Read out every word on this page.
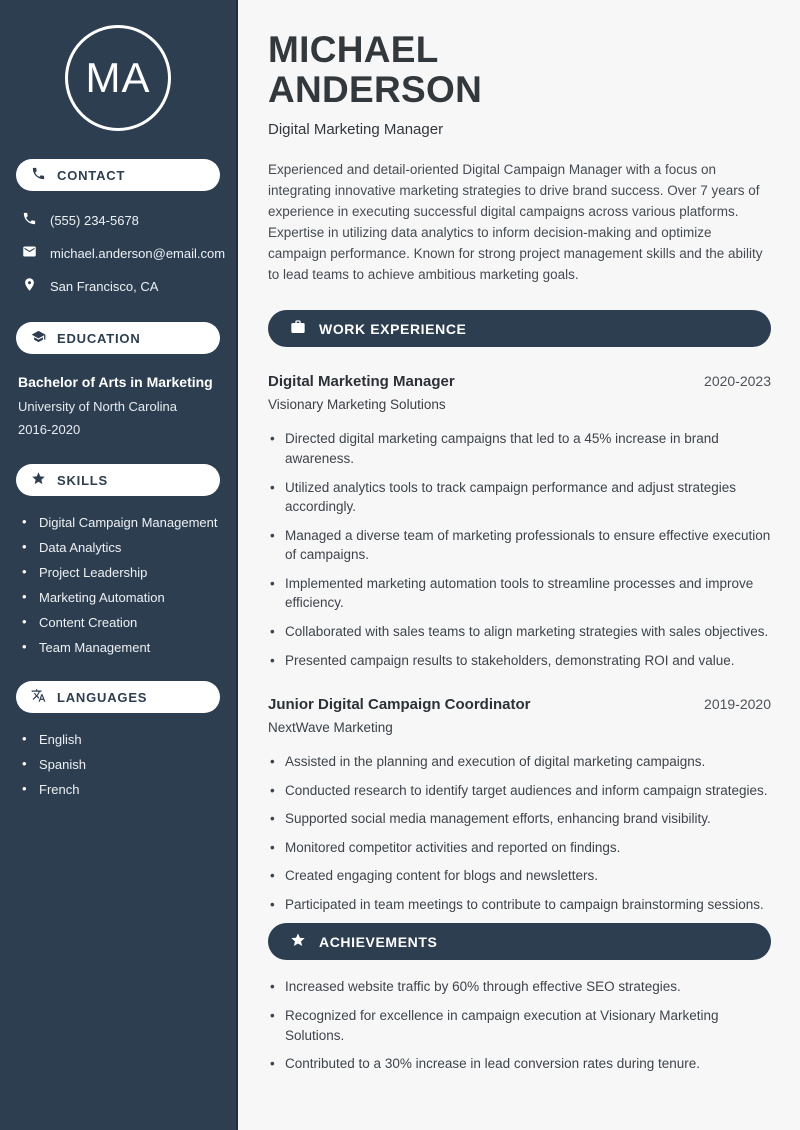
MA
CONTACT
(555) 234-5678
michael.anderson@email.com
San Francisco, CA
EDUCATION
Bachelor of Arts in Marketing
University of North Carolina
2016-2020
SKILLS
• Digital Campaign Management
• Data Analytics
• Project Leadership
• Marketing Automation
• Content Creation
• Team Management
LANGUAGES
• English
• Spanish
• French
MICHAEL
ANDERSON
Digital Marketing Manager

Experienced and detail-oriented Digital Campaign Manager with a focus on integrating innovative marketing strategies to drive brand success. Over 7 years of experience in executing successful digital campaigns across various platforms. Expertise in utilizing data analytics to inform decision-making and optimize campaign performance. Known for strong project management skills and the ability to lead teams to achieve ambitious marketing goals.

WORK EXPERIENCE
Digital Marketing Manager	2020-2023
Visionary Marketing Solutions
• Directed digital marketing campaigns that led to a 45% increase in brand awareness.
• Utilized analytics tools to track campaign performance and adjust strategies accordingly.
• Managed a diverse team of marketing professionals to ensure effective execution of campaigns.
• Implemented marketing automation tools to streamline processes and improve efficiency.
• Collaborated with sales teams to align marketing strategies with sales objectives.
• Presented campaign results to stakeholders, demonstrating ROI and value.
Junior Digital Campaign Coordinator	2019-2020
NextWave Marketing
• Assisted in the planning and execution of digital marketing campaigns.
• Conducted research to identify target audiences and inform campaign strategies.
• Supported social media management efforts, enhancing brand visibility.
• Monitored competitor activities and reported on findings.
• Created engaging content for blogs and newsletters.
• Participated in team meetings to contribute to campaign brainstorming sessions.
ACHIEVEMENTS
• Increased website traffic by 60% through effective SEO strategies.
• Recognized for excellence in campaign execution at Visionary Marketing Solutions.
• Contributed to a 30% increase in lead conversion rates during tenure.
